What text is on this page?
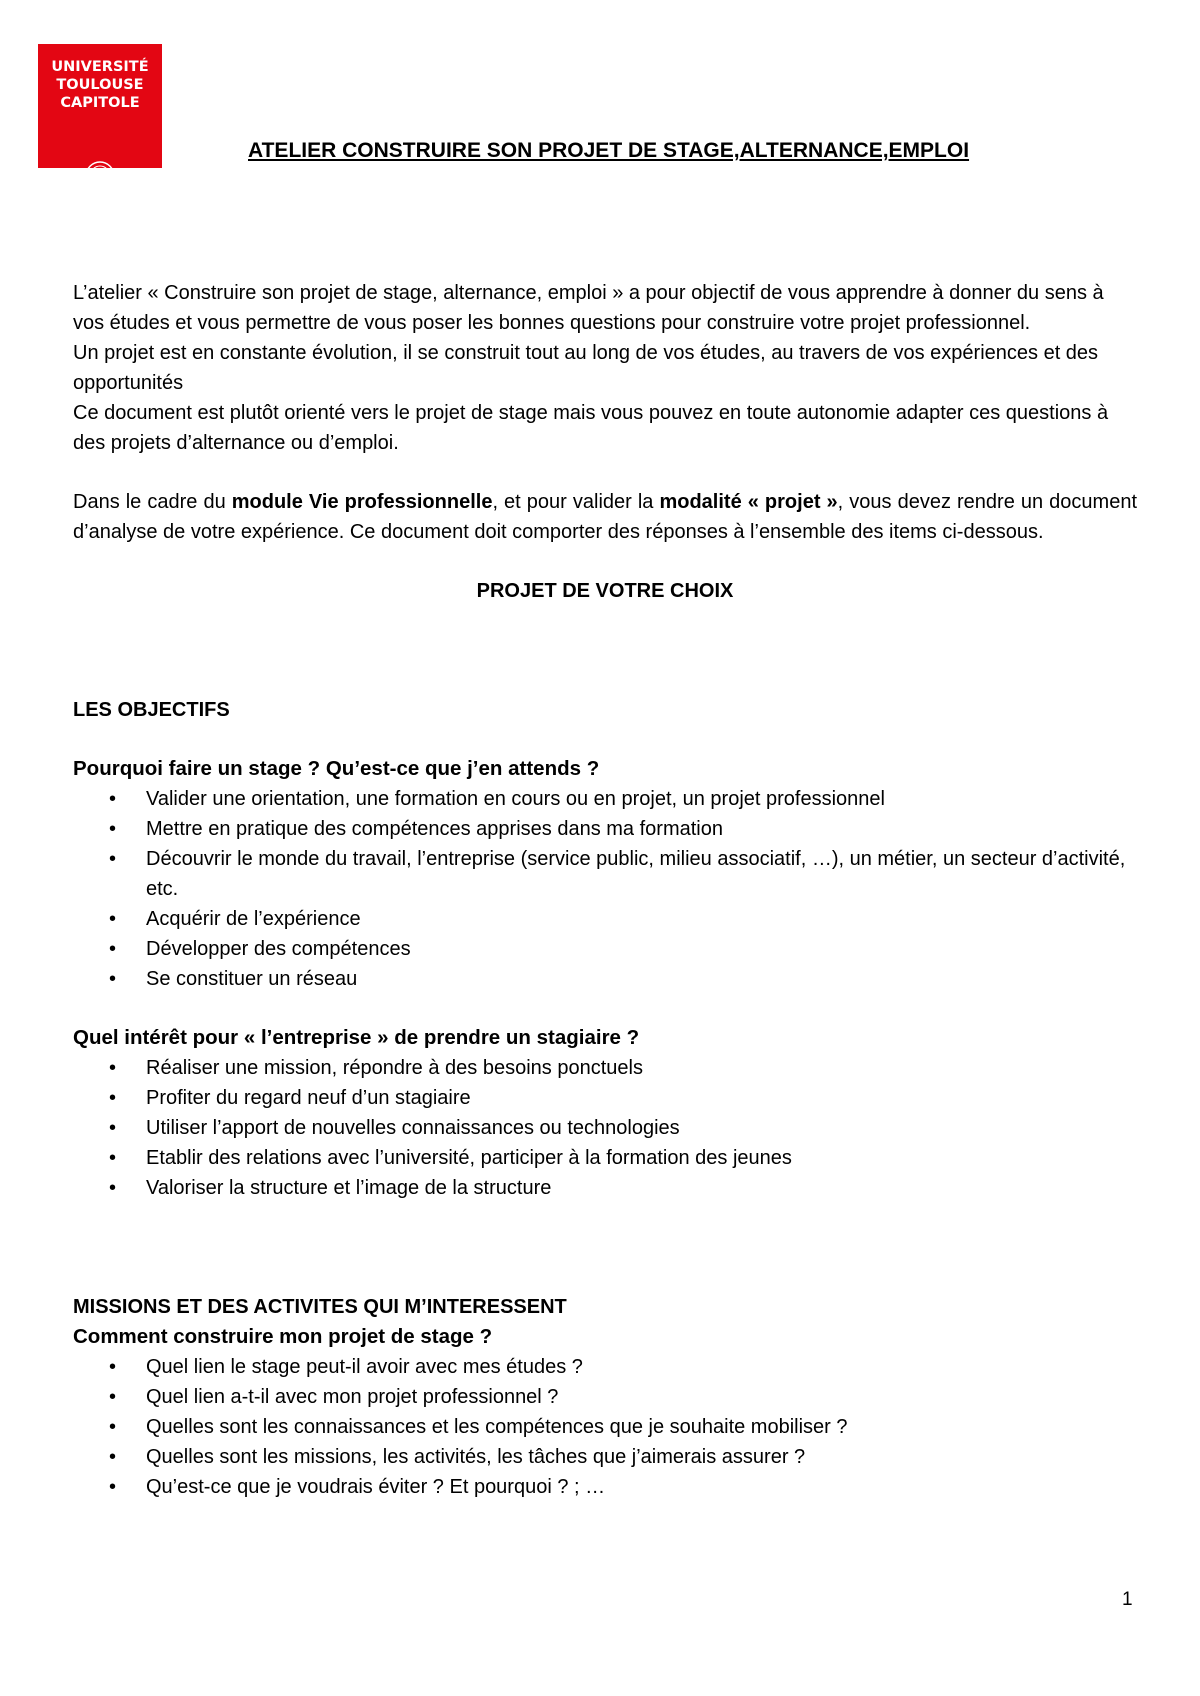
UNIVERSITÉ
TOULOUSE
CAPITOLE
ATELIER CONSTRUIRE SON PROJET DE STAGE,ALTERNANCE,EMPLOI

L’atelier « Construire son projet de stage, alternance, emploi » a pour objectif de vous apprendre à donner du sens à vos études et vous permettre de vous poser les bonnes questions pour construire votre projet professionnel.

Un projet est en constante évolution, il se construit tout au long de vos études, au travers de vos expériences et des opportunités

Ce document est plutôt orienté vers le projet de stage mais vous pouvez en toute autonomie adapter ces questions à des projets d’alternance ou d’emploi.

Dans le cadre du module Vie professionnelle, et pour valider la modalité « projet », vous devez rendre un document d’analyse de votre expérience. Ce document doit comporter des réponses à l’ensemble des items ci-dessous.

PROJET DE VOTRE CHOIX

LES OBJECTIFS

Pourquoi faire un stage ? Qu’est-ce que j’en attends ?

• Valider une orientation, une formation en cours ou en projet, un projet professionnel
• Mettre en pratique des compétences apprises dans ma formation
• Découvrir le monde du travail, l’entreprise (service public, milieu associatif, …), un métier, un secteur d’activité, etc.
• Acquérir de l’expérience
• Développer des compétences
• Se constituer un réseau

Quel intérêt pour « l’entreprise » de prendre un stagiaire ?

• Réaliser une mission, répondre à des besoins ponctuels
• Profiter du regard neuf d’un stagiaire
• Utiliser l’apport de nouvelles connaissances ou technologies
• Etablir des relations avec l’université, participer à la formation des jeunes
• Valoriser la structure et l’image de la structure

MISSIONS ET DES ACTIVITES QUI M’INTERESSENT

Comment construire mon projet de stage ?

• Quel lien le stage peut-il avoir avec mes études ?
• Quel lien a-t-il avec mon projet professionnel ?
• Quelles sont les connaissances et les compétences que je souhaite mobiliser ?
• Quelles sont les missions, les activités, les tâches que j’aimerais assurer ?
• Qu’est-ce que je voudrais éviter ? Et pourquoi ? ; …
1
